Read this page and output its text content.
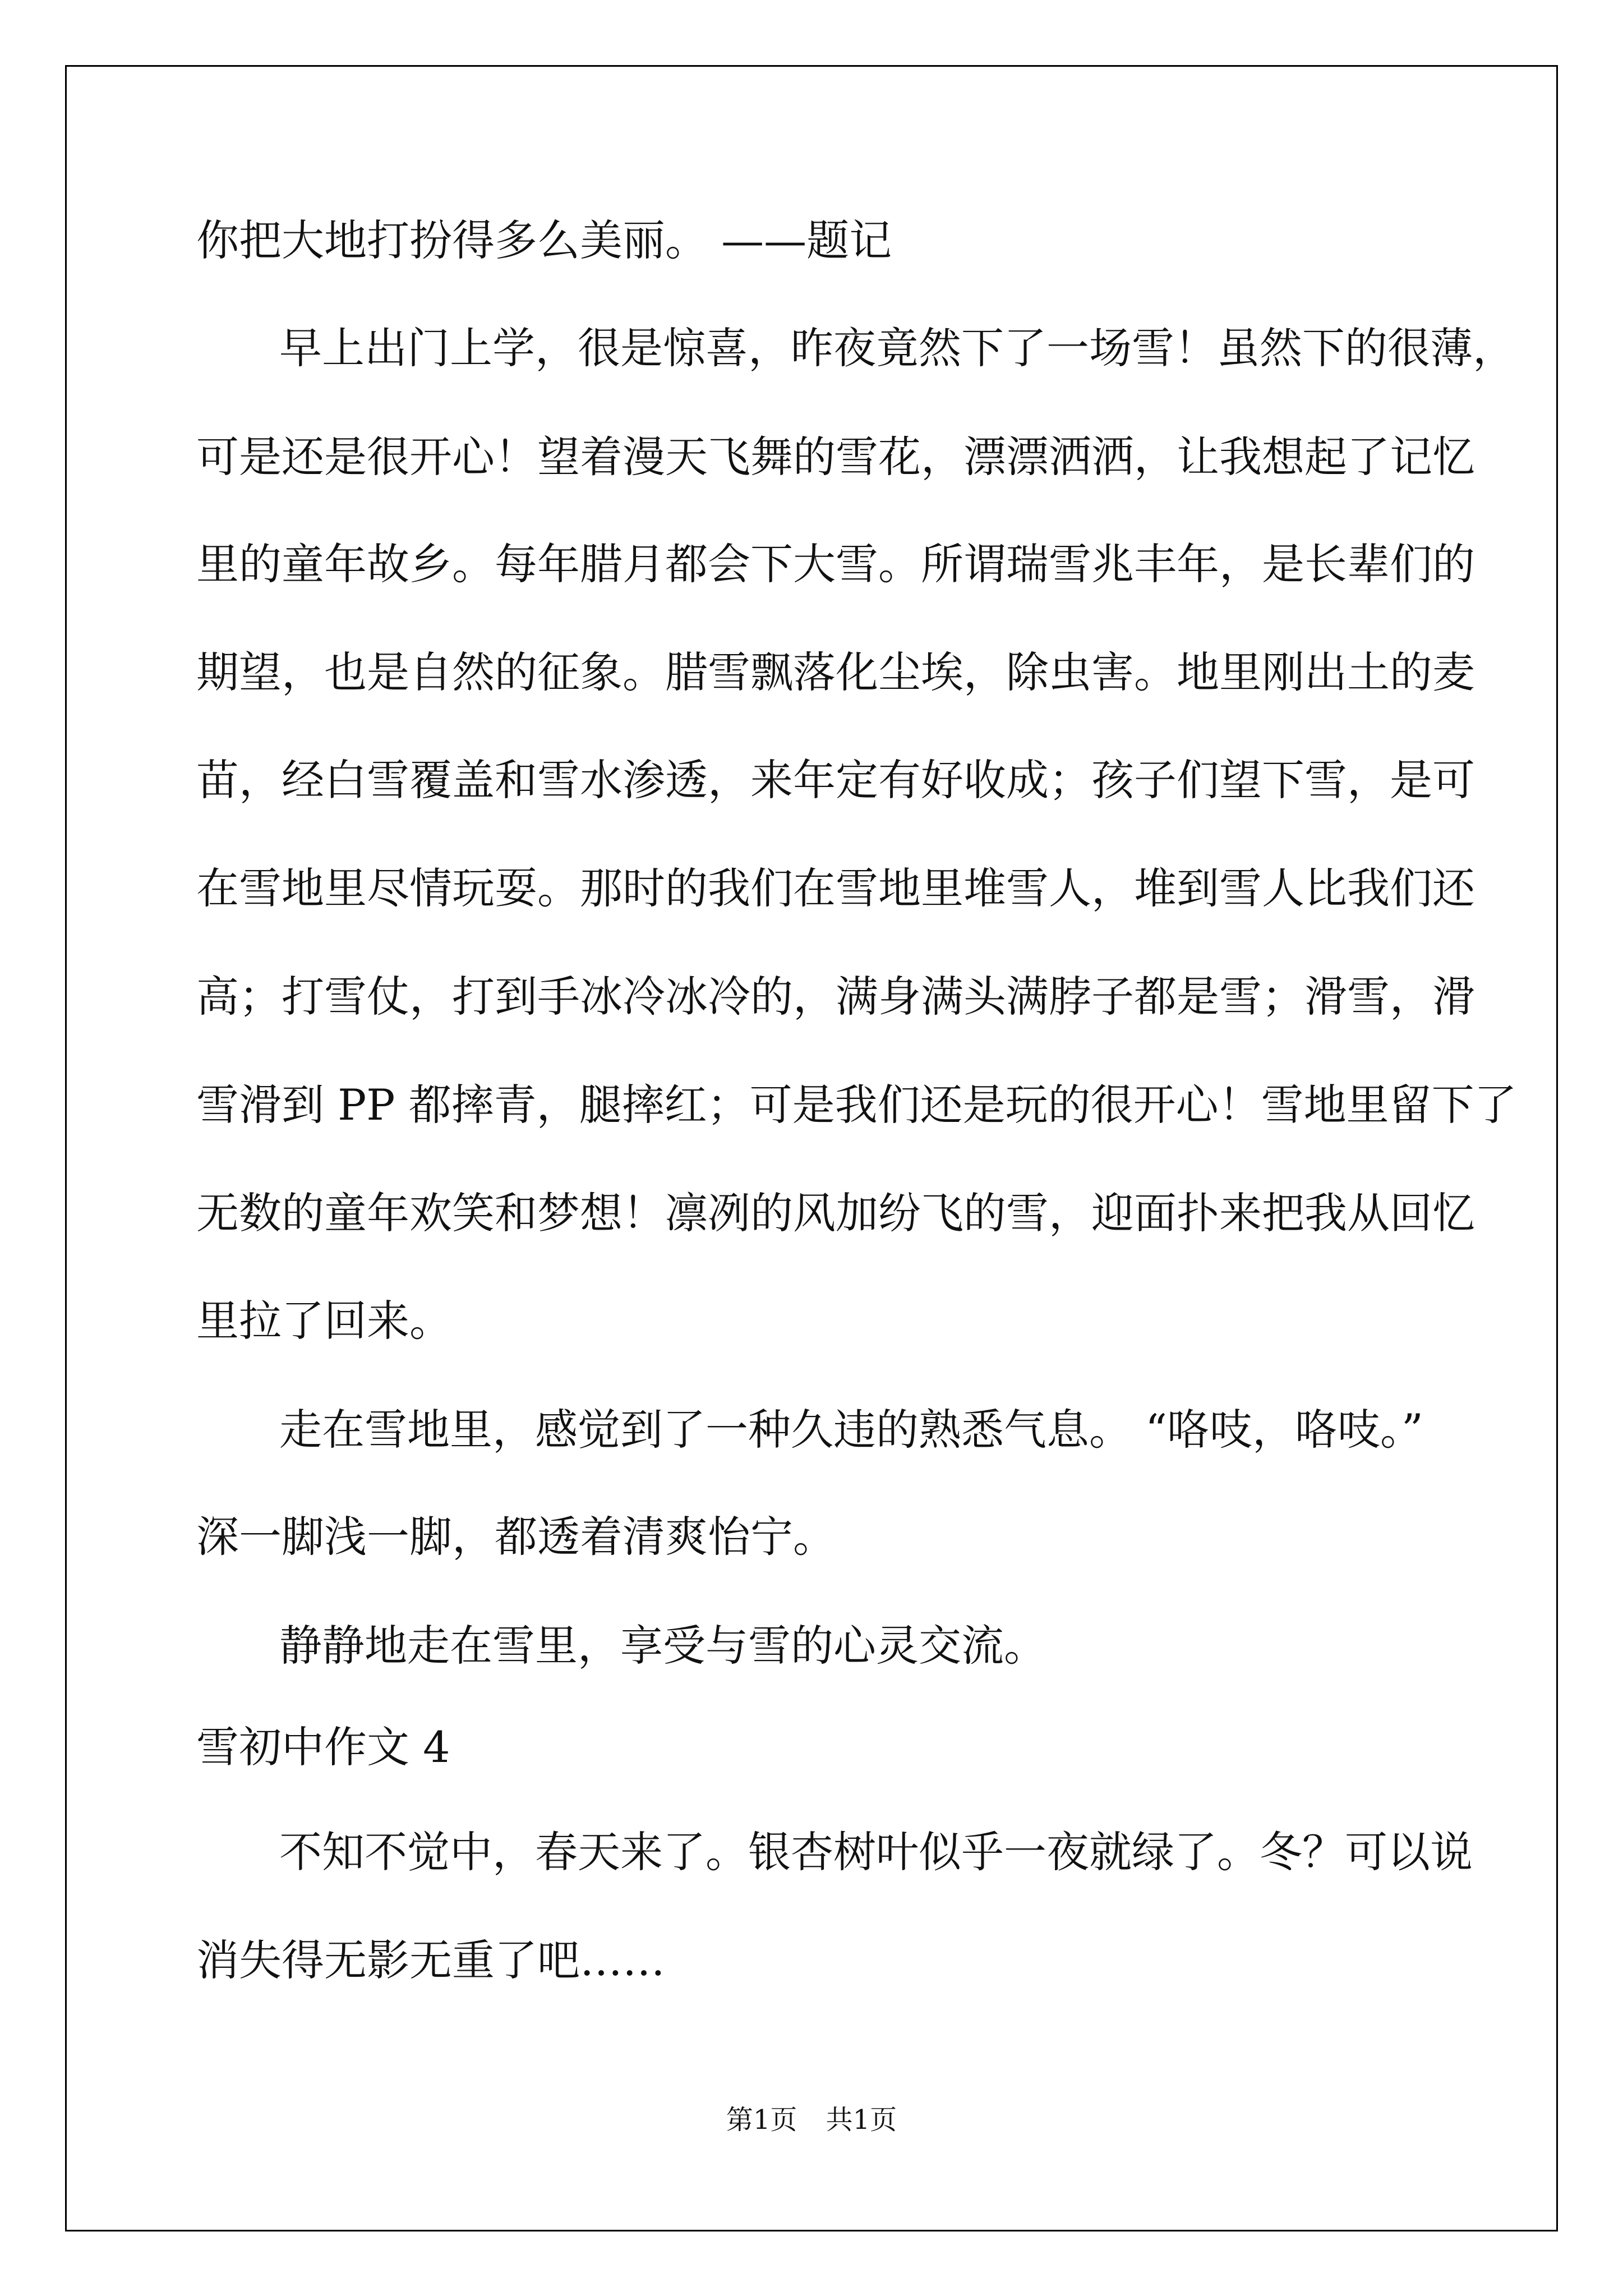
你把大地打扮得多么美丽。 ——题记
早上出门上学，很是惊喜，昨夜竟然下了一场雪！虽然下的很薄，
可是还是很开心！望着漫天飞舞的雪花，漂漂洒洒，让我想起了记忆
里的童年故乡。每年腊月都会下大雪。所谓瑞雪兆丰年，是长辈们的
期望，也是自然的征象。腊雪飘落化尘埃，除虫害。地里刚出土的麦
苗，经白雪覆盖和雪水渗透，来年定有好收成；孩子们望下雪，是可
在雪地里尽情玩耍。那时的我们在雪地里堆雪人，堆到雪人比我们还
高；打雪仗，打到手冰冷冰冷的，满身满头满脖子都是雪；滑雪，滑
雪滑到 PP 都摔青，腿摔红；可是我们还是玩的很开心！雪地里留下了
无数的童年欢笑和梦想！凛冽的风加纷飞的雪，迎面扑来把我从回忆
里拉了回来。
走在雪地里，感觉到了一种久违的熟悉气息。 “咯吱，咯吱。”
深一脚浅一脚，都透着清爽怡宁。
静静地走在雪里，享受与雪的心灵交流。
雪初中作文 4
不知不觉中，春天来了。银杏树叶似乎一夜就绿了。冬？可以说
消失得无影无重了吧……
第1页 共1页
